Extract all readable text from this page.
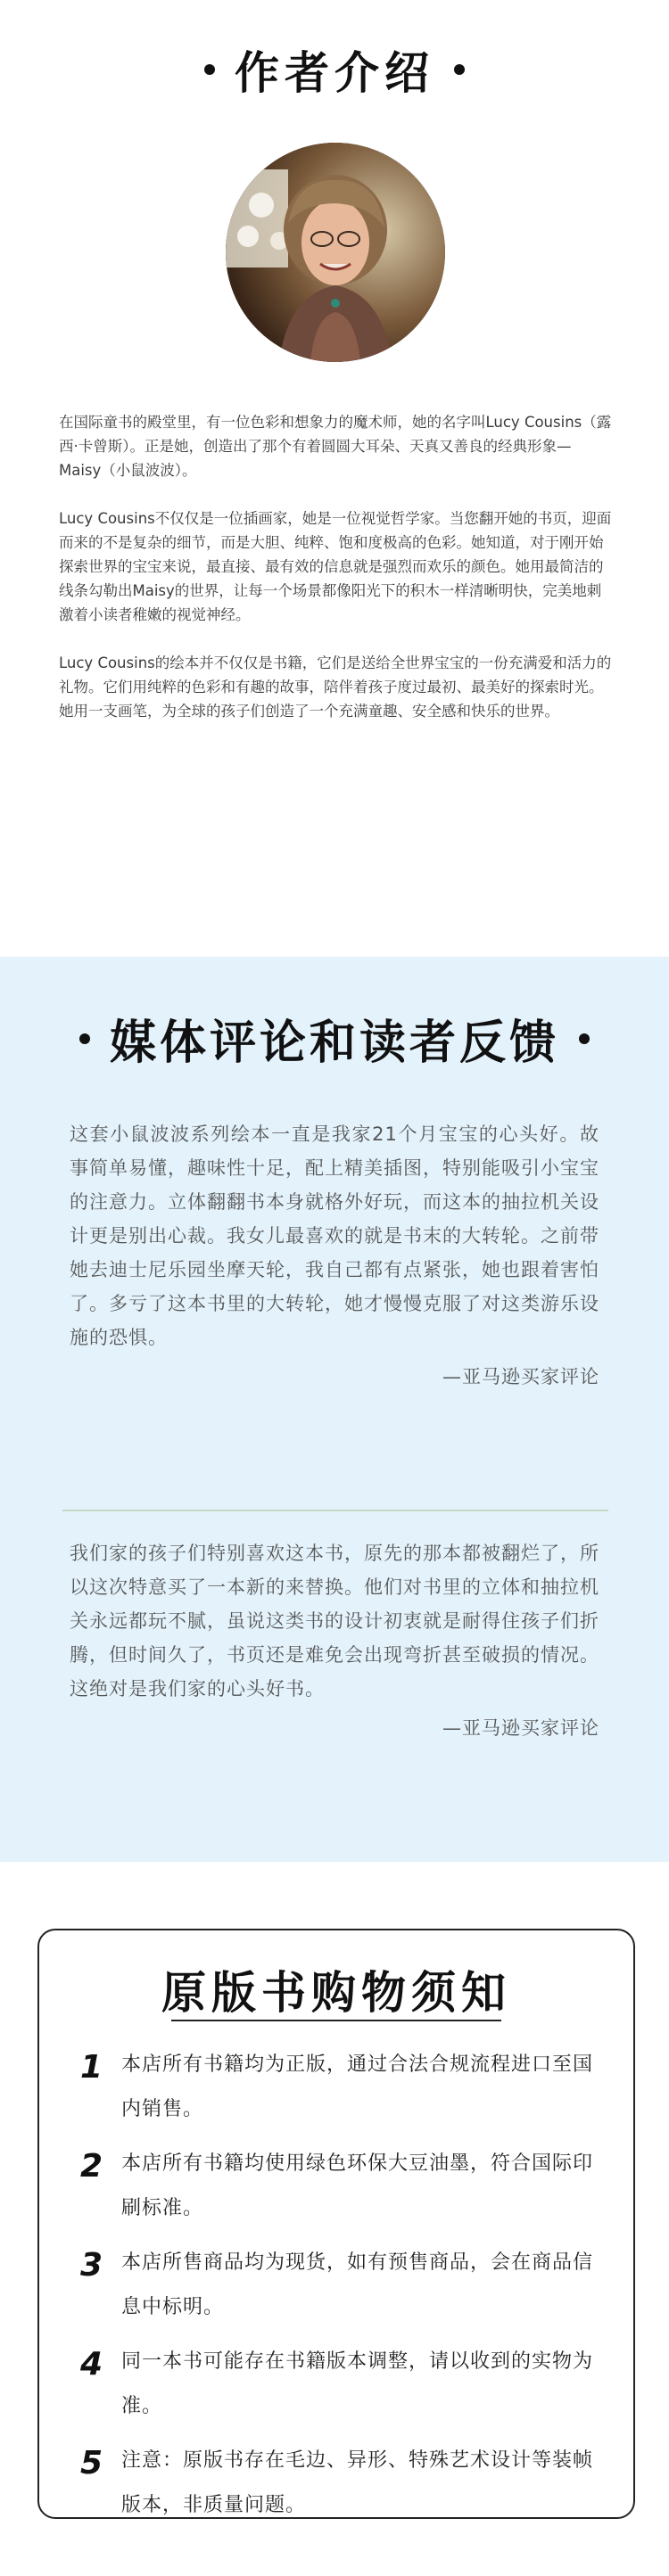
作者介绍

在国际童书的殿堂里，有一位色彩和想象力的魔术师，她的名字叫Lucy Cousins（露西·卡曾斯）。正是她，创造出了那个有着圆圆大耳朵、天真又善良的经典形象— Maisy（小鼠波波）。

Lucy Cousins不仅仅是一位插画家，她是一位视觉哲学家。当您翻开她的书页，迎面而来的不是复杂的细节，而是大胆、纯粹、饱和度极高的色彩。她知道，对于刚开始探索世界的宝宝来说，最直接、最有效的信息就是强烈而欢乐的颜色。她用最简洁的线条勾勒出Maisy的世界，让每一个场景都像阳光下的积木一样清晰明快，完美地刺激着小读者稚嫩的视觉神经。

Lucy Cousins的绘本并不仅仅是书籍，它们是送给全世界宝宝的一份充满爱和活力的礼物。它们用纯粹的色彩和有趣的故事，陪伴着孩子度过最初、最美好的探索时光。她用一支画笔，为全球的孩子们创造了一个充满童趣、安全感和快乐的世界。

媒体评论和读者反馈

这套小鼠波波系列绘本一直是我家21个月宝宝的心头好。故事简单易懂，趣味性十足，配上精美插图，特别能吸引小宝宝的注意力。立体翻翻书本身就格外好玩，而这本的抽拉机关设计更是别出心裁。我女儿最喜欢的就是书末的大转轮。之前带她去迪士尼乐园坐摩天轮，我自己都有点紧张，她也跟着害怕了。多亏了这本书里的大转轮，她才慢慢克服了对这类游乐设施的恐惧。

—亚马逊买家评论

我们家的孩子们特别喜欢这本书，原先的那本都被翻烂了，所以这次特意买了一本新的来替换。他们对书里的立体和抽拉机关永远都玩不腻，虽说这类书的设计初衷就是耐得住孩子们折腾，但时间久了，书页还是难免会出现弯折甚至破损的情况。这绝对是我们家的心头好书。

—亚马逊买家评论
原版书购物须知
1 本店所有书籍均为正版，通过合法合规流程进口至国内销售。
2 本店所有书籍均使用绿色环保大豆油墨，符合国际印刷标准。
3 本店所售商品均为现货，如有预售商品，会在商品信息中标明。
4 同一本书可能存在书籍版本调整，请以收到的实物为准。
5 注意：原版书存在毛边、异形、特殊艺术设计等装帧版本，非质量问题。
